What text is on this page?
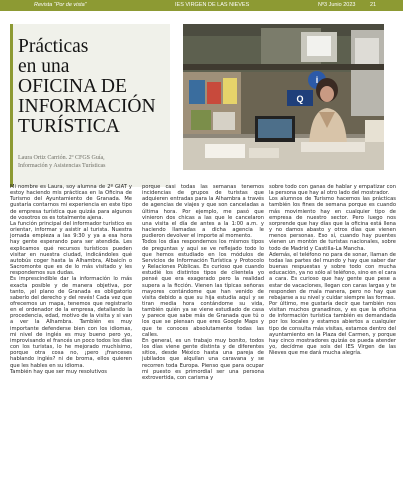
Revista “Por de vista”	IES VIRGEN DE LAS NIEVES	Nº3 Junio 2023	21
Prácticas
en una
OFICINA DE
INFORMACIÓN
TURÍSTICA
Laura Ortiz Carrión. 2º CFGS Guía,
Información y Asistencias Turísticas
i
Q

Mi nombre es Laura, soy alumna de 2º GIAT y estoy haciendo mis prácticas en la Oficina de Turismo del Ayuntamiento de Granada. Me gustaría contarnos mi experiencia en este tipo de empresa turística que quizás para algunos de vosotros os es totalmente ajena.

La función principal del informador turístico es orientar, informar y asistir al turista. Nuestra jornada empieza a las 9:30 y ya a esa hora hay gente esperando para ser atendida. Les explicamos qué recursos turísticos pueden visitar en nuestra ciudad, indicándoles qué autobús coger hasta la Alhambra, Albaicín o Sacromonte que es de lo más visitado y les respondemos sus dudas.

Es imprescindible dar la información lo más exacta posible y de manera objetiva, por tanto, ¡el plano de Granada es obligatorio saberlo del derecho y del revés! Cada vez que ofrecemos un mapa, tenemos que registrarlo en el ordenador de la empresa, detallando la procedencia, edad, motivo de la visita y si van a ver la Alhambra. También es muy importante defenderse bien con los idiomas, mi nivel de inglés es muy bueno pero yo, improvisando el francés un poco todos los días con los turistas, lo he mejorado muchísimo, porque otra cosa no, ¡pero ¡franceses hablando inglés? ni de broma, ellos quieren que les hables en su idioma.

También hay que ser muy resolutivos

porque casi todas las semanas tenemos incidencias de grupos de turistas que adquieren entradas para la Alhambra a través de agencias de viajes y que son canceladas a última hora. Por ejemplo, me pasó que vinieron dos chicas a las que le cancelaron una visita el día de antes a la 1:00 a.m. y haciendo llamadas a dicha agencia le pudieron devolver el importe al momento.

Todos los días respondemos los mismos tipos de preguntas y aquí se ve reflejado todo lo que hemos estudiado en los módulos de Servicios de Información Turística y Protocolo y Relaciones Públicas. Es curioso que cuando estudié los distintos tipos de clientela yo pensé que era exagerado pero la realidad supera a la ficción. Vienen las típicas señoras mayores contándome que han venido de visita debido a que su hija estudia aquí y se tiran media hora contándome su vida, también quién ya se viene estudiado de casa y parece que sabe más de Granada que tú o los que se piensan que eres Google Maps y que te conoces absolutamente todas las calles.

En general, es un trabajo muy bonito, todos los días viene gente distinta y de diferentes sitios, desde México hasta una pareja de jubilados que alquilan una caravana y se recorren toda Europa. Pienso que para ocupar mi puesto es primordial ser una persona extrovertida, con carisma y

sobre todo con ganas de hablar y empatizar con la persona que hay al otro lado del mostrador.

Los alumnos de Turismo hacemos las prácticas también los fines de semana porque es cuando más movimiento hay en cualquier tipo de empresa de nuestro sector. Pero luego nos sorprende que hay días que la oficina está llena y no damos abasto y otros días que vienen menos personas. Eso sí, cuando hay puentes vienen un montón de turistas nacionales, sobre todo de Madrid y Castilla-La Mancha.

Además, el teléfono no para de sonar, llaman de todas las partes del mundo y hay que saber dar buenas respuestas y sobre todo con mucha educación, ya no sólo al teléfono, sino en el cara a cara. Es curioso que hay gente que pese a estar de vacaciones, llegan con caras largas y te responden de mala manera, pero no hay que rebajarse a su nivel y cuidar siempre las formas.

Por último, me gustaría decir que también nos visitan muchos granadinos, y es que la oficina de información turística también es demandada por los locales y estamos abiertos a cualquier tipo de consulta más visitas, estamos dentro del ayuntamiento en la Plaza del Carmen, y porque hay cinco mostradores quizás os pueda atender yo, decídme que sois del IES Virgen de las Nieves que me dará mucha alegría.
